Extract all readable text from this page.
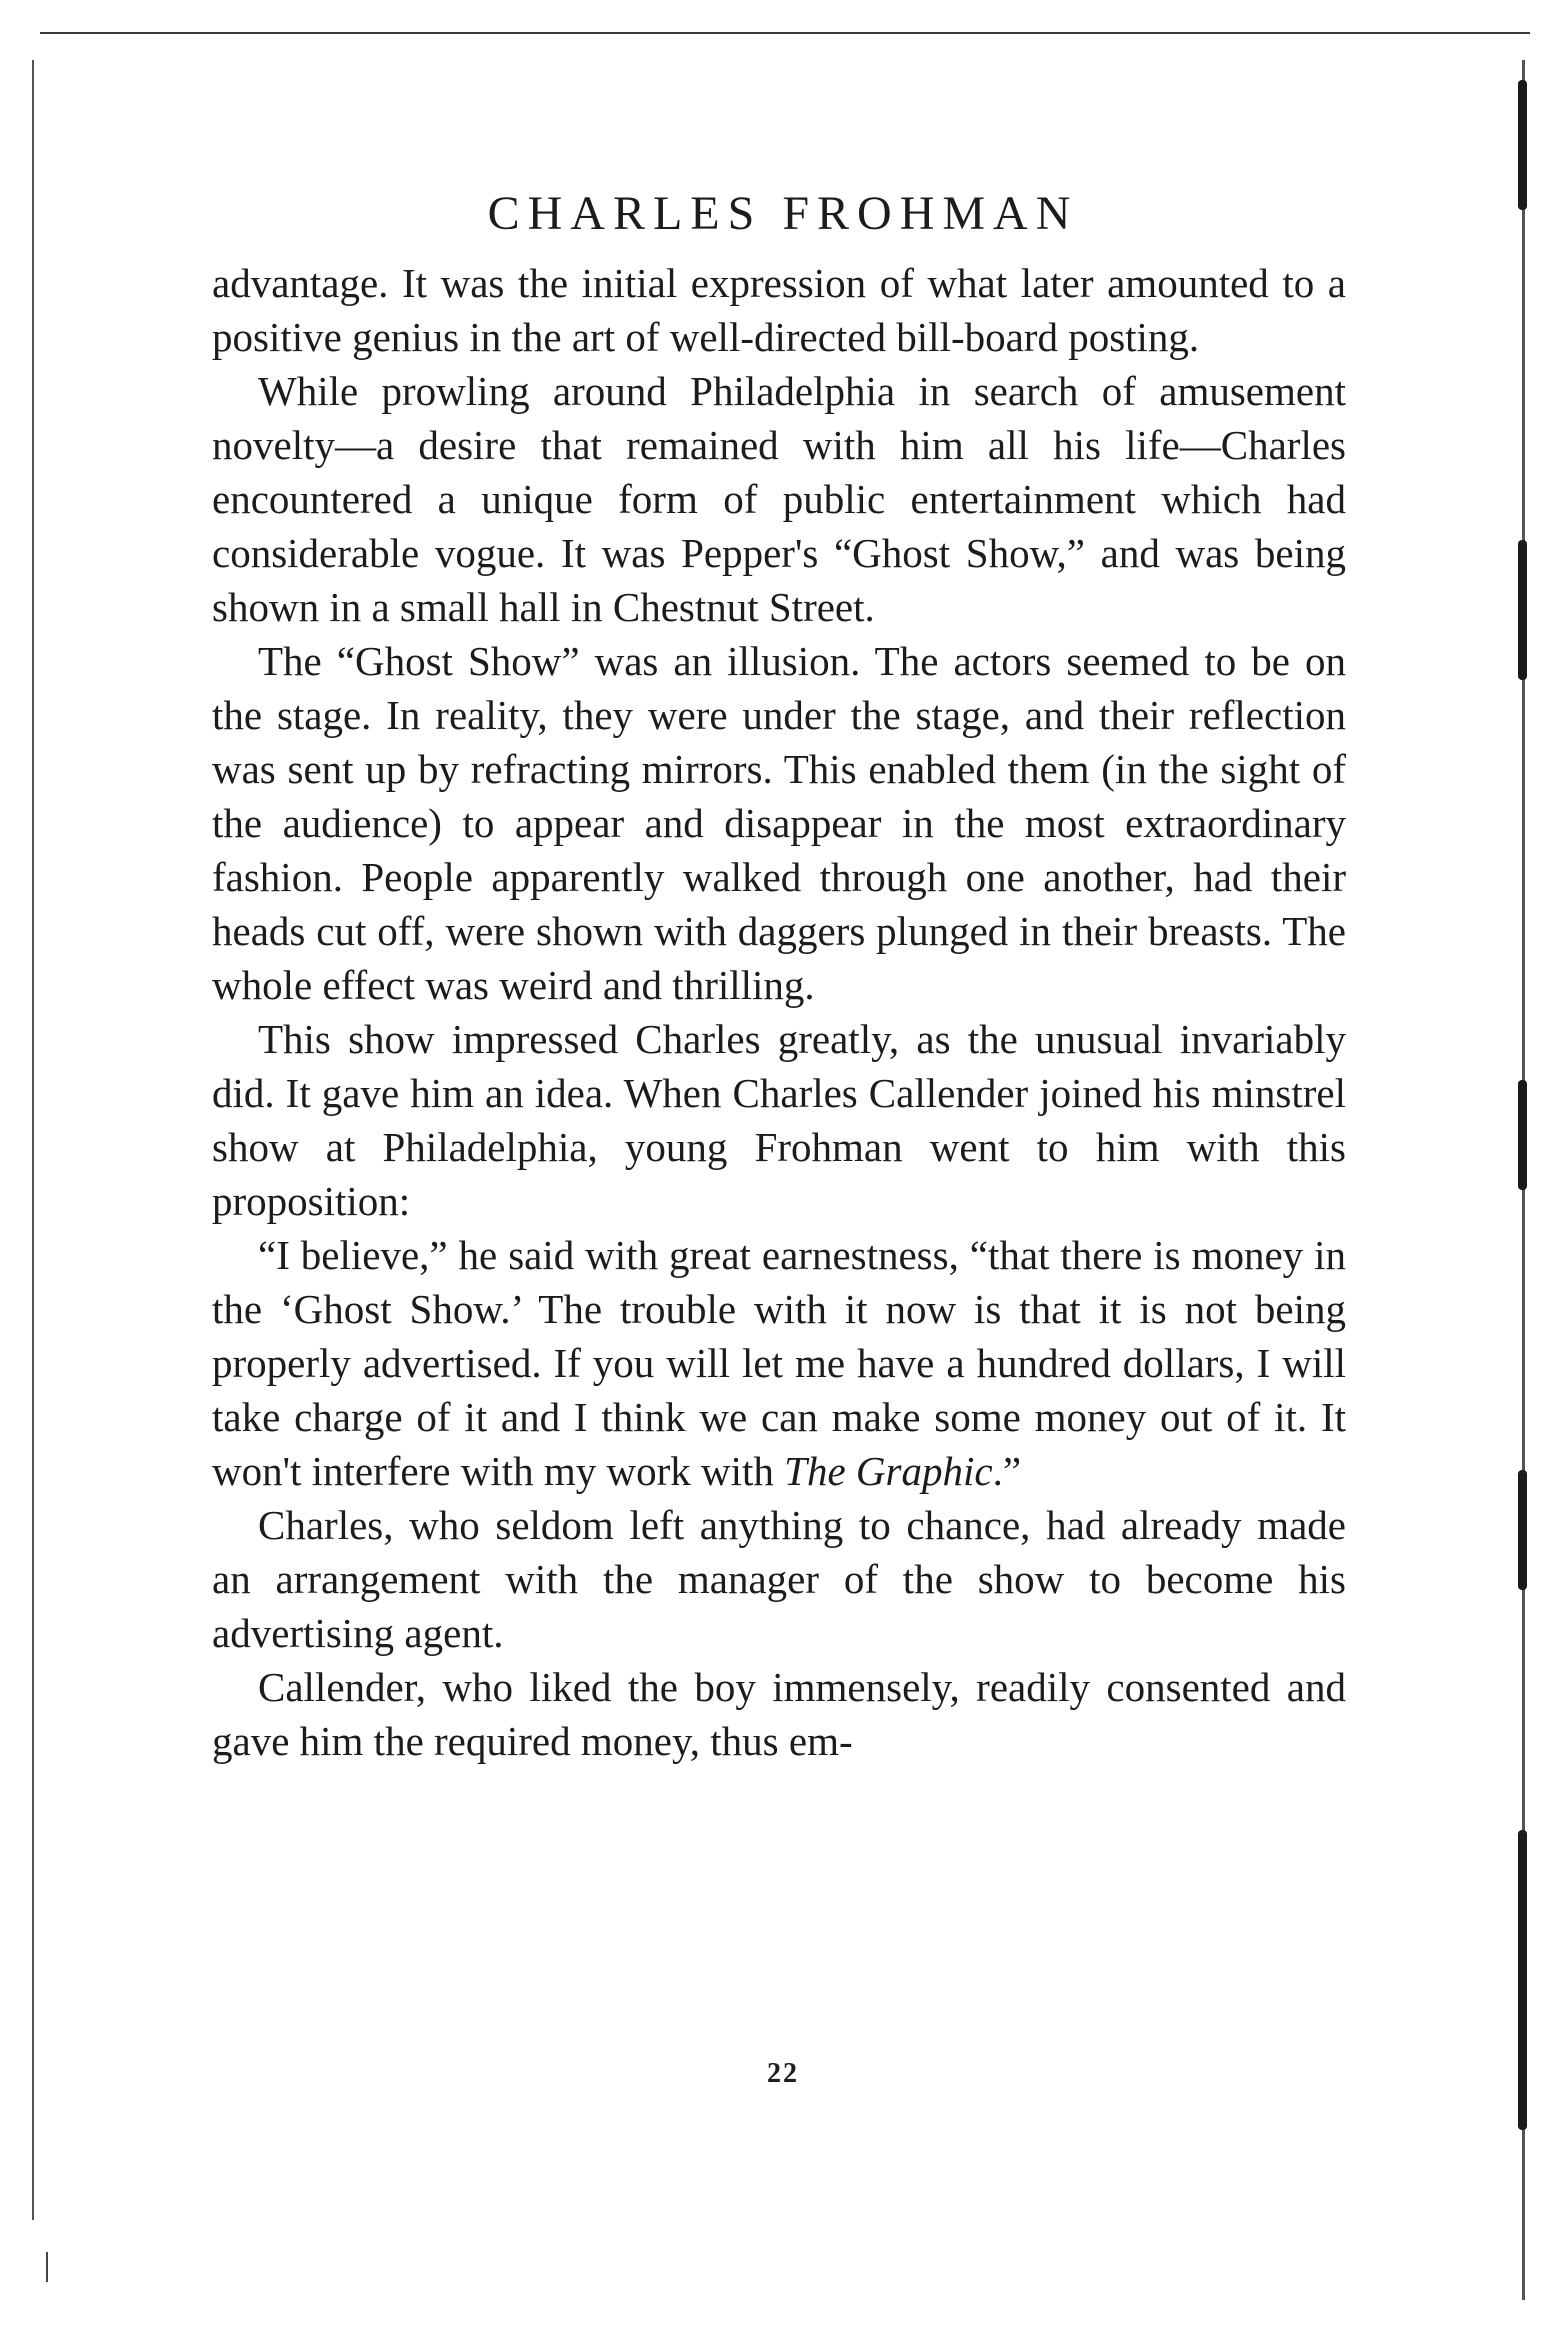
CHARLES FROHMAN

advantage. It was the initial expression of what later amounted to a positive genius in the art of well-directed bill-board posting.

While prowling around Philadelphia in search of amusement novelty—a desire that remained with him all his life—Charles encountered a unique form of public entertainment which had considerable vogue. It was Pepper's “Ghost Show,” and was being shown in a small hall in Chestnut Street.

The “Ghost Show” was an illusion. The actors seemed to be on the stage. In reality, they were under the stage, and their reflection was sent up by refracting mirrors. This enabled them (in the sight of the audience) to appear and disappear in the most extraordinary fashion. People apparently walked through one another, had their heads cut off, were shown with daggers plunged in their breasts. The whole effect was weird and thrilling.

This show impressed Charles greatly, as the unusual invariably did. It gave him an idea. When Charles Callender joined his minstrel show at Philadelphia, young Frohman went to him with this proposition:

“I believe,” he said with great earnestness, “that there is money in the ‘Ghost Show.’ The trouble with it now is that it is not being properly advertised. If you will let me have a hundred dollars, I will take charge of it and I think we can make some money out of it. It won't interfere with my work with The Graphic.”

Charles, who seldom left anything to chance, had already made an arrangement with the manager of the show to become his advertising agent.

Callender, who liked the boy immensely, readily consented and gave him the required money, thus em-

22
